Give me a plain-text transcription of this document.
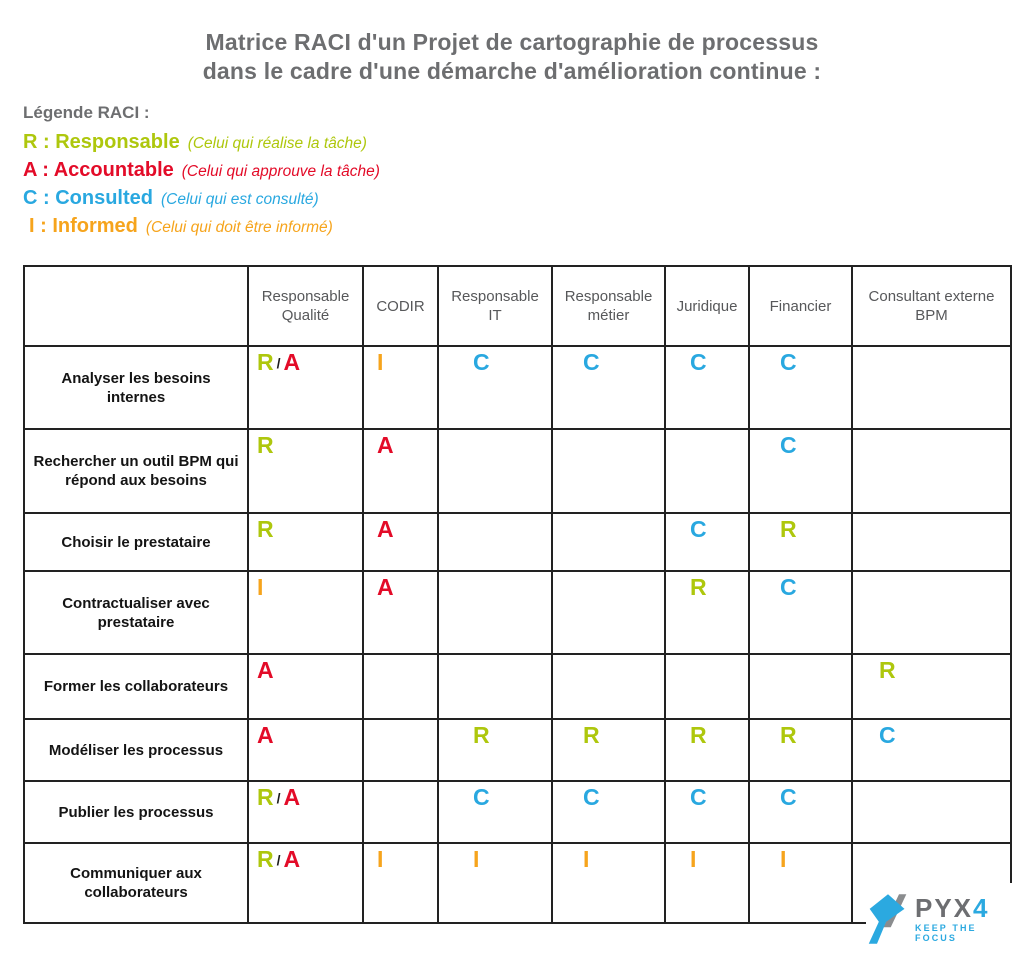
Matrice RACI d'un Projet de cartographie de processus
dans le cadre d'une démarche d'amélioration continue :
Légende RACI :
R : Responsable (Celui qui réalise la tâche)
A : Accountable (Celui qui approuve la tâche)
C : Consulted (Celui qui est consulté)
I : Informed (Celui qui doit être informé)
	Responsable Qualité	CODIR	Responsable IT	Responsable métier	Juridique	Financier	Consultant externe BPM
Analyser les besoins internes	R / A	I	C	C	C	C	
Rechercher un outil BPM qui répond aux besoins	R	A				C	
Choisir le prestataire	R	A			C	R	
Contractualiser avec prestataire	I	A			R	C	
Former les collaborateurs	A						R
Modéliser les processus	A		R	R	R	R	C
Publier les processus	R / A		C	C	C	C	
Communiquer aux collaborateurs	R / A	I	I	I	I	I	
PYX4
KEEP THE FOCUS
